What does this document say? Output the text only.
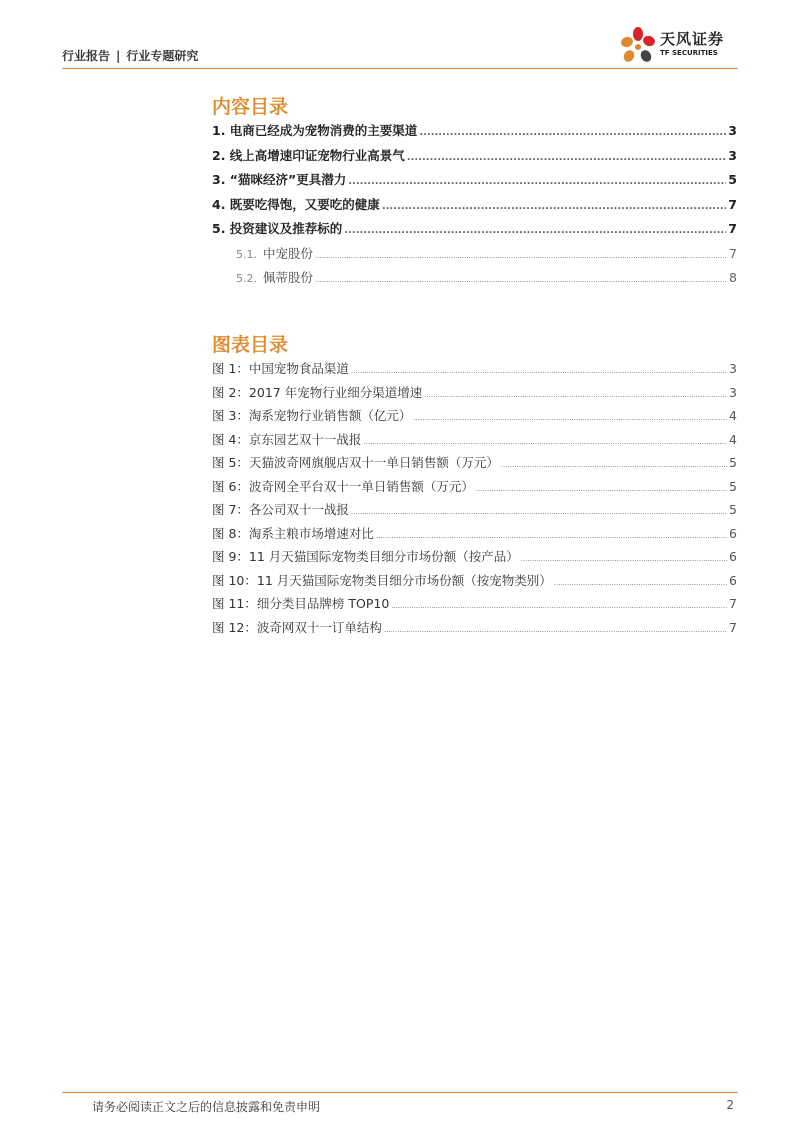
行业报告 | 行业专题研究
天风证券
TF SECURITIES
内容目录
1. 电商已经成为宠物消费的主要渠道 .....	3
2. 线上高增速印证宠物行业高景气 .....	3
3. “猫咪经济”更具潜力 .....	5
4. 既要吃得饱，又要吃的健康 .....	7
5. 投资建议及推荐标的 .....	7
5.1. 中宠股份 .....	7
5.2. 佩蒂股份 .....	8
图表目录
图 1：中国宠物食品渠道 .....	3
图 2：2017 年宠物行业细分渠道增速 .....	3
图 3：淘系宠物行业销售额（亿元） .....	4
图 4：京东园艺双十一战报 .....	4
图 5：天猫波奇网旗舰店双十一单日销售额（万元） .....	5
图 6：波奇网全平台双十一单日销售额（万元） .....	5
图 7：各公司双十一战报 .....	5
图 8：淘系主粮市场增速对比 .....	6
图 9：11 月天猫国际宠物类目细分市场份额（按产品） .....	6
图 10：11 月天猫国际宠物类目细分市场份额（按宠物类别） .....	6
图 11：细分类目品牌榜 TOP10 .....	7
图 12：波奇网双十一订单结构 .....	7
请务必阅读正文之后的信息披露和免责申明	2
